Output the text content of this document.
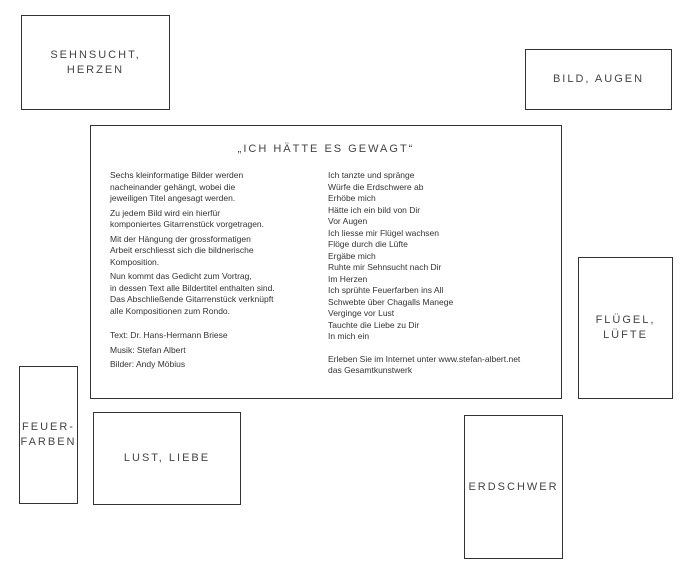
SEHNSUCHT, HERZEN
BILD, AUGEN
FLÜGEL,
LÜFTE
FEUER-
FARBEN
LUST, LIEBE
ERDSCHWER
„ICH HÄTTE ES GEWAGT“

Sechs kleinformatige Bilder werden
nacheinander gehängt, wobei die
jeweiligen Titel angesagt werden.

Zu jedem Bild wird ein hierfür
komponiertes Gitarrenstück vorgetragen.

Mit der Hängung der grossformatigen
Arbeit erschliesst sich die bildnerische
Komposition.

Nun kommt das Gedicht zum Vortrag,
in dessen Text alle Bildertitel enthalten sind.
Das Abschließende Gitarrenstück verknüpft
alle Kompositionen zum Rondo.

Text: Dr. Hans-Hermann Briese

Musik: Stefan Albert

Bilder: Andy Möbius

Ich tanzte und spränge

Würfe die Erdschwere ab

Erhöbe mich

Hätte ich ein bild von Dir

Vor Augen

Ich liesse mir Flügel wachsen

Flöge durch die Lüfte

Ergäbe mich

Ruhte mir Sehnsucht nach Dir

Im Herzen

Ich sprühte Feuerfarben ins All

Schwebte über Chagalls Manege

Verginge vor Lust

Tauchte die Liebe zu Dir

In mich ein

Erleben Sie im Internet unter www.stefan-albert.net
das Gesamtkunstwerk
